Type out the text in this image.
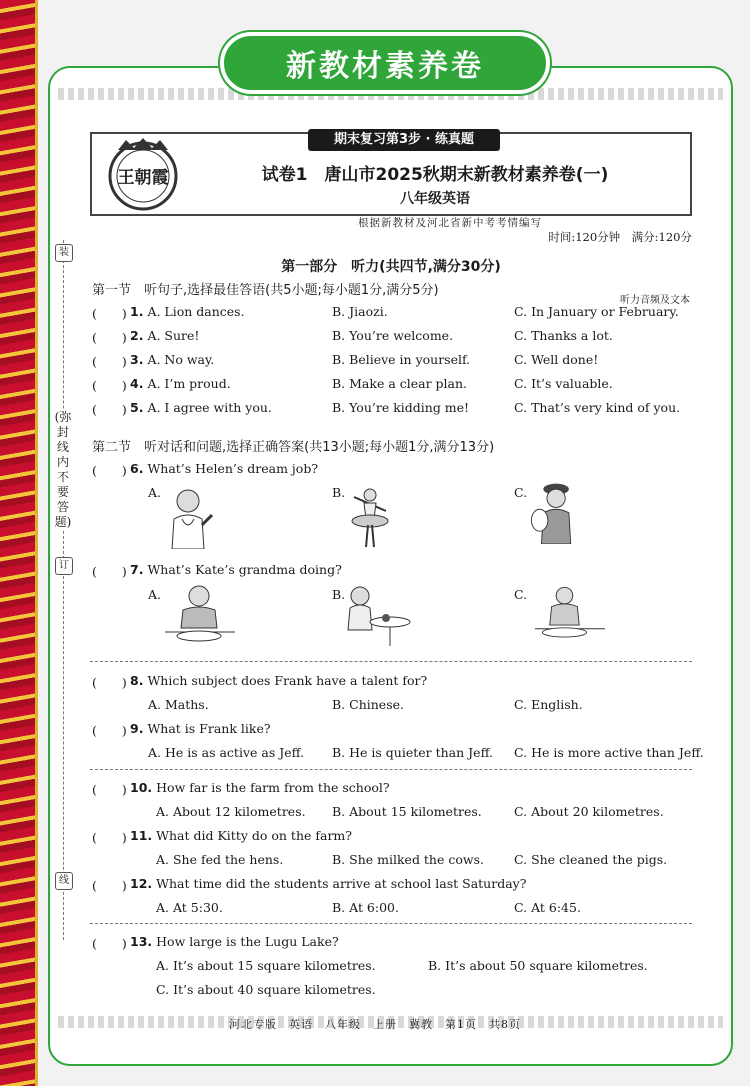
新教材素养卷
装
(弥封线内不要答题)
订
线
期末复习第3步 · 练真题
王朝霞	试卷1　唐山市2025秋期末新教材素养卷(一)
八年级英语
根据新教材及河北省新中考考情编写
时间:120分钟　满分:120分
第一部分　听力(共四节,满分30分)
第一节　听句子,选择最佳答语(共5小题;每小题1分,满分5分)
听力音频及文本
(　　) 1. A. Lion dances.	B. Jiaozi.	C. In January or February.
(　　) 2. A. Sure!	B. You’re welcome.	C. Thanks a lot.
(　　) 3. A. No way.	B. Believe in yourself.	C. Well done!
(　　) 4. A. I’m proud.	B. Make a clear plan.	C. It’s valuable.
(　　) 5. A. I agree with you.	B. You’re kidding me!	C. That’s very kind of you.
第二节　听对话和问题,选择正确答案(共13小题;每小题1分,满分13分)
(　　) 6. What’s Helen’s dream job?
A.	B.	C.
(　　) 7. What’s Kate’s grandma doing?
A.	B.	C.
(　　) 8. Which subject does Frank have a talent for?
A. Maths.	B. Chinese.	C. English.
(　　) 9. What is Frank like?
A. He is as active as Jeff. B. He is quieter than Jeff. C. He is more active than Jeff.
(　　) 10. How far is the farm from the school?
A. About 12 kilometres. B. About 15 kilometres.	C. About 20 kilometres.
(　　) 11. What did Kitty do on the farm?
A. She fed the hens.	B. She milked the cows. C. She cleaned the pigs.
(　　) 12. What time did the students arrive at school last Saturday?
A. At 5:30.	B. At 6:00.	C. At 6:45.
(　　) 13. How large is the Lugu Lake?
A. It’s about 15 square kilometres.	B. It’s about 50 square kilometres.
C. It’s about 40 square kilometres.
河北专版　英语　八年级　上册　冀教　第1页　共8页
